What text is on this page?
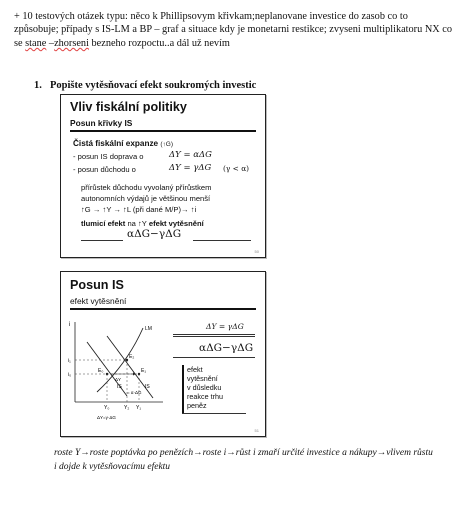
+ 10 testových otázek typu: něco k Phillipsovym křivkam;neplanovane investice do zasob co to způsobuje; případy s IS-LM a BP – graf a situace kdy je monetarni restikce; zvyseni multiplikatoru NX co se stane –zhorseni bezneho rozpoctu..a dál už nevím

1. Popište vytěsňovací efekt soukromých investic
Vliv fiskální politiky
Posun křivky IS
Čistá fiskální expanze (↑G)
- posun IS doprava o	ΔY = αΔG
- posun důchodu o	ΔY = γΔG (γ < α)
přírůstek důchodu vyvolaný přírůstkem
autonomních výdajů je většinou menší
↑G → ↑Y → ↑L (při dané M/P)→ ↑i
tlumicí efekt na ↑Y efekt vytěsnění
αΔG−γΔG
50
Posun IS
efekt vytěsnění
i
LM
i₁
i₀
E₀
E₂
E₁
IS
IS
ΔY
= α·ΔG
Y₀	Y₂ Y₁
ΔY=γ·ΔG
ΔY = γΔG
αΔG−γΔG
efekt
vytěsnění
v důsledku
reakce trhu
peněz
51
roste Y→roste poptávka po penězích→roste i→růst i zmaří určité investice a nákupy→vlivem růstu i dojde k vytěsňovacímu efektu
